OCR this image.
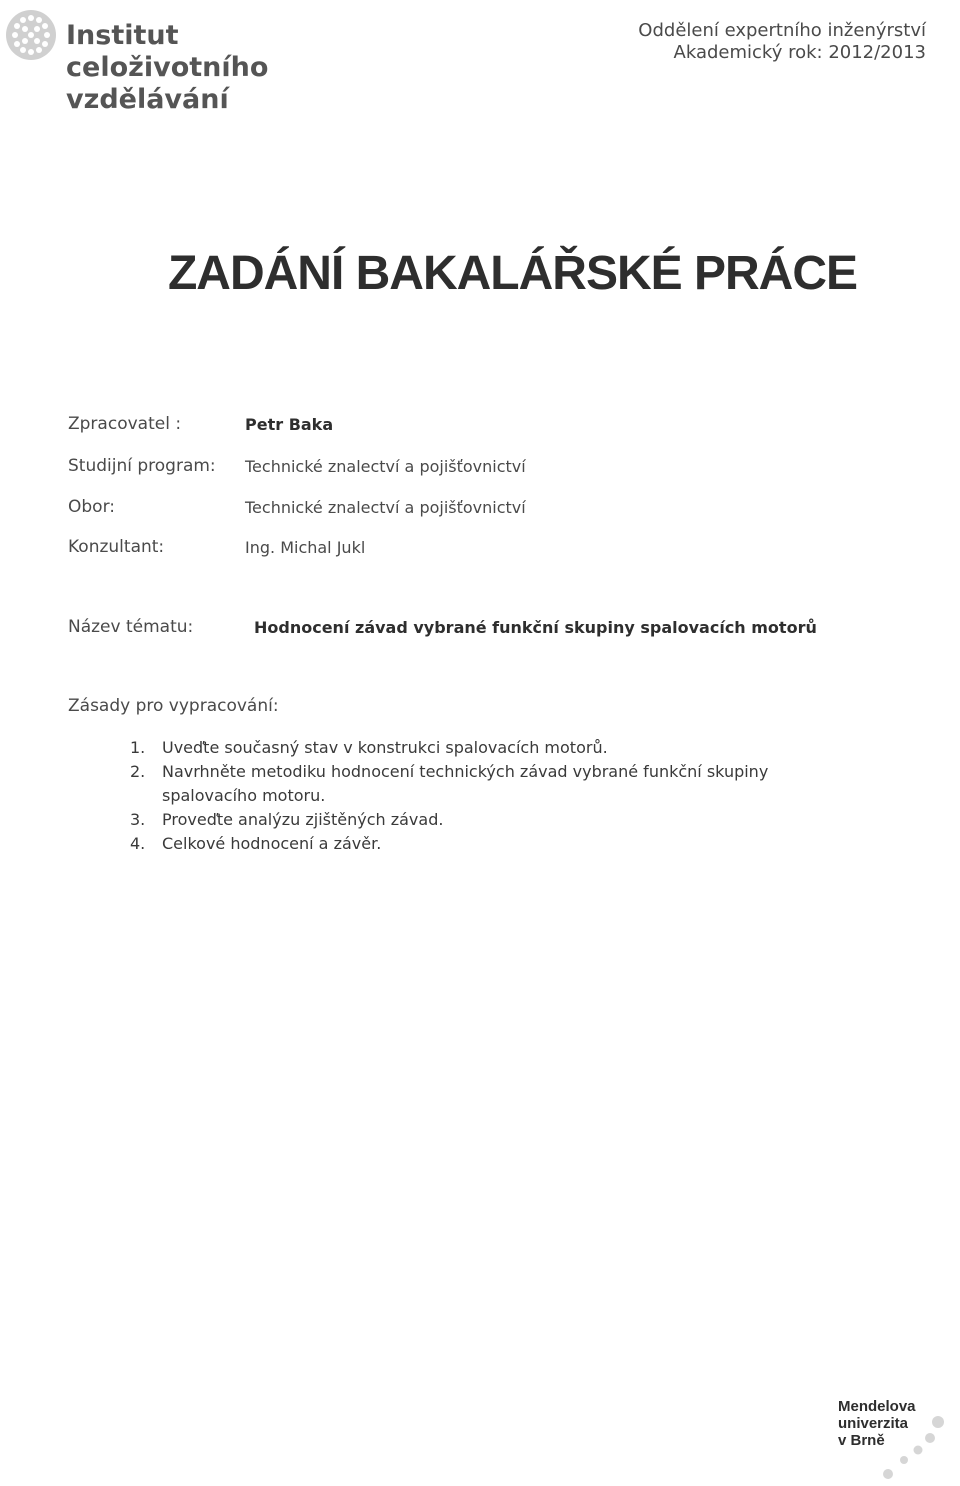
Institut
celoživotního
vzdělávání
Oddělení expertního inženýrství
Akademický rok: 2012/2013
ZADÁNÍ BAKALÁŘSKÉ PRÁCE
Zpracovatel :	Petr Baka
Studijní program: Technické znalectví a pojišťovnictví
Obor:	Technické znalectví a pojišťovnictví
Konzultant:	Ing. Michal Jukl
Název tématu:	Hodnocení závad vybrané funkční skupiny spalovacích motorů
Zásady pro vypracování:
1.	Uveďte současný stav v konstrukci spalovacích motorů.
2.	Navrhněte metodiku hodnocení technických závad vybrané funkční skupiny spalovacího motoru.
3.	Proveďte analýzu zjištěných závad.
4.	Celkové hodnocení a závěr.
Mendelova
univerzita
v Brně
